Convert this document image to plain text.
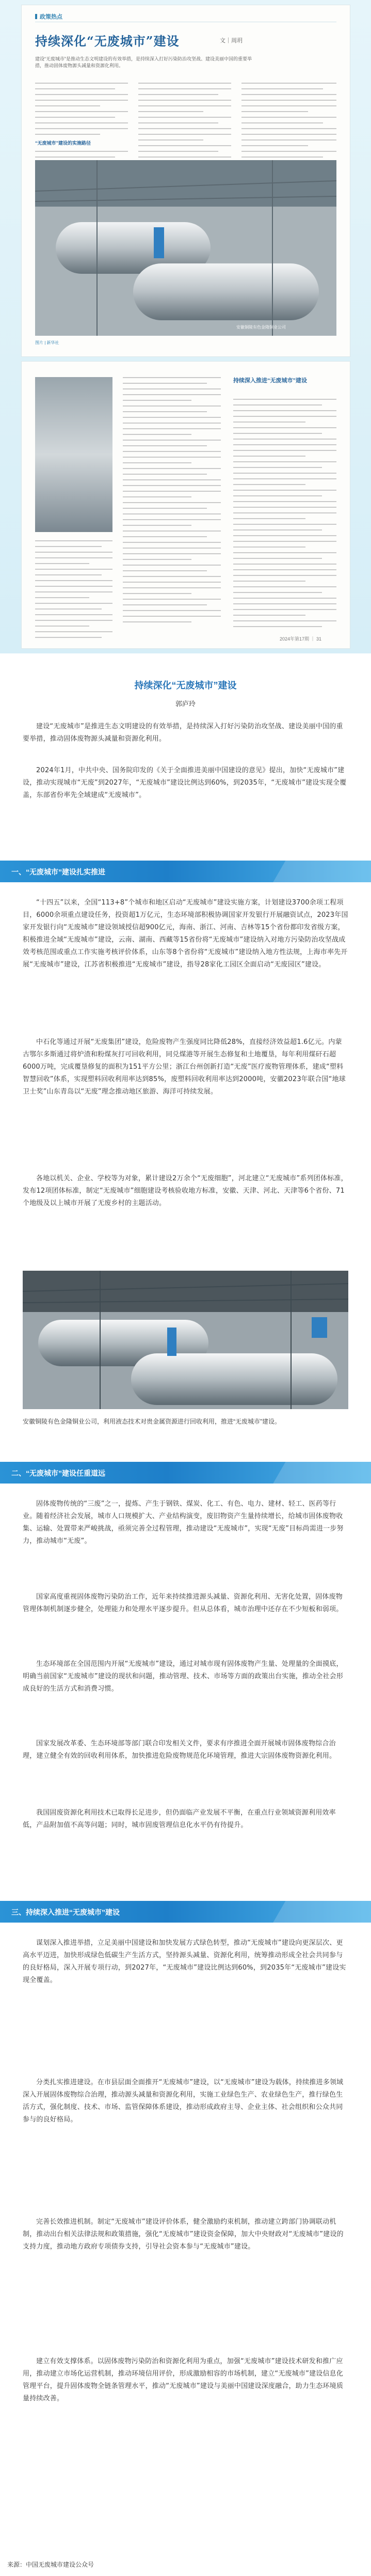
政策热点
持续深化“无废城市”建设	文｜周玥
建设“无废城市”是推动生态文明建设的有效举措，是持续深入打好污染防治攻坚战、建设美丽中国的重要举措，推动固体废物源头减量和资源化利用。
“无废城市”建设的实施路径
安徽铜陵有色金隆铜业公司
图片 | 新华社
持续深入推进“无废城市”建设
2024年第17期 ｜ 31
持续深化“无废城市”建设
郭庐玲

建设“无废城市”是推进生态文明建设的有效举措，是持续深入打好污染防治攻坚战、建设美丽中国的重要举措，推动固体废物源头减量和资源化利用。

2024年1月，中共中央、国务院印发的《关于全面推进美丽中国建设的意见》提出，加快“无废城市”建设，推动实现城市“无废”到2027年，“无废城市”建设比例达到60%，到2035年，“无废城市”建设实现全覆盖，东部省份率先全域建成“无废城市”。

一、“无废城市”建设扎实推进

“十四五”以来，全国“113+8”个城市和地区启动“无废城市”建设实施方案，计划建设3700余项工程项目，6000余项重点建设任务，投资超1万亿元，生态环境部积极协调国家开发银行开展融资试点，2023年国家开发银行向“无废城市”建设领域授信超900亿元，海南、浙江、河南、吉林等15个省份都印发省级方案，积极推进全域“无废城市”建设，云南、湖南、西藏等15省份将“无废城市”建设纳入对地方污染防治攻坚战成效考核范围或重点工作实施考核评价体系，山东等8个省份将“无废城市”建设纳入地方性法规，上海市率先开展“无废城市”建设，江苏省积极推进“无废城市”建设，指导28家化工园区全面启动“无废园区”建设。

中石化等通过开展“无废集团”建设，危险废物产生强度同比降低28%，直接经济效益超1.6亿元。内蒙古鄂尔多斯通过将炉渣和粉煤灰打可回收利用，同兑煤港等开展生态修复和土地覆垦，每年利用煤矸石超6000万吨，完成覆垦修复的面积为151平方公里；浙江台州创新打造“无废”医疗废物管理体系，建成“塑料智慧回收”体系，实现塑料回收利用率达到85%，废塑料回收利用率达到2000吨，安徽2023年联合国“地球卫士奖”山东青岛以“无废”理念推动地区旅游、海洋可持续发展。

各地以机关、企业、学校等为对象，累计建设2万余个“无废细胞”，河北建立“无废城市”系列团体标准，发布12项团体标准，制定“无废城市”细胞建设考核验收地方标准，安徽、天津、河北、天津等6个省份、71个地级及以上城市开展了无废乡村的主题活动。

安徽铜陵有色金隆铜业公司，利用液态技术对贵金属资源进行回收利用，推进“无废城市”建设。
二、“无废城市”建设任重道远

固体废物传统的“三废”之一，提炼、产生于钢铁、煤炭、化工、有色、电力、建材、轻工、医药等行业。随着经济社会发展，城市人口规模扩大、产业结构演变，废旧物资产生量持续增长，给城市固体废物收集、运输、处置带来严峻挑战，亟须完善全过程管理，推动建设“无废城市”，实现“无废”目标尚需进一步努力，推动城市“无废”。

国家高度重视固体废物污染防治工作，近年来持续推进源头减量、资源化利用、无害化处置，固体废物管理体制机制逐步健全，处理能力和处理水平逐步提升。但从总体看，城市治理中还存在不少短板和弱项。

生态环境部在全国范围内开展“无废城市”建设，通过对城市现有固体废物产生量、处理量的全面摸底，明确当前国家“无废城市”建设的现状和问题，推动管理、技术、市场等方面的政策出台实施，推动全社会形成良好的生活方式和消费习惯。

国家发展改革委、生态环境部等部门联合印发相关文件，要求有序推进全面开展城市固体废物综合治理，建立健全有效的回收利用体系，加快推进危险废物规范化环境管理，推进大宗固体废物资源化利用。

我国固废资源化利用技术已取得长足进步，但仍面临产业发展不平衡，在重点行业领域资源利用效率低，产品附加值不高等问题；同时，城市固废管理信息化水平仍有待提升。

三、持续深入推进“无废城市”建设

谋划深入推进举措，立足美丽中国建设和加快发展方式绿色转型，推动“无废城市”建设向更深层次、更高水平迈进，加快形成绿色低碳生产生活方式，坚持源头减量、资源化利用，统筹推动形成全社会共同参与的良好格局，深入开展专项行动，到2027年，“无废城市”建设比例达到60%，到2035年“无废城市”建设实现全覆盖。

分类扎实推进建设。在市县层面全面推开“无废城市”建设，以“无废城市”建设为载体，持续推进多领域深入开展固体废物综合治理，推动源头减量和资源化利用，实施工业绿色生产、农业绿色生产，推行绿色生活方式，强化制度、技术、市场、监管保障体系建设，推动形成政府主导、企业主体、社会组织和公众共同参与的良好格局。

完善长效推进机制。制定“无废城市”建设评价体系，健全激励约束机制，推动建立跨部门协调联动机制，推动出台相关法律法规和政策措施，强化“无废城市”建设资金保障，加大中央财政对“无废城市”建设的支持力度，推动地方政府专项债券支持，引导社会资本参与“无废城市”建设。

建立有效支撑体系。以固体废物污染防治和资源化利用为重点，加强“无废城市”建设技术研发和推广应用，推动建立市场化运营机制，推动环境信用评价，形成激励相容的市场机制，建立“无废城市”建设信息化管理平台，提升固体废物全链条管理水平，推动“无废城市”建设与美丽中国建设深度融合，助力生态环境质量持续改善。

来源：中国无废城市建设公众号
